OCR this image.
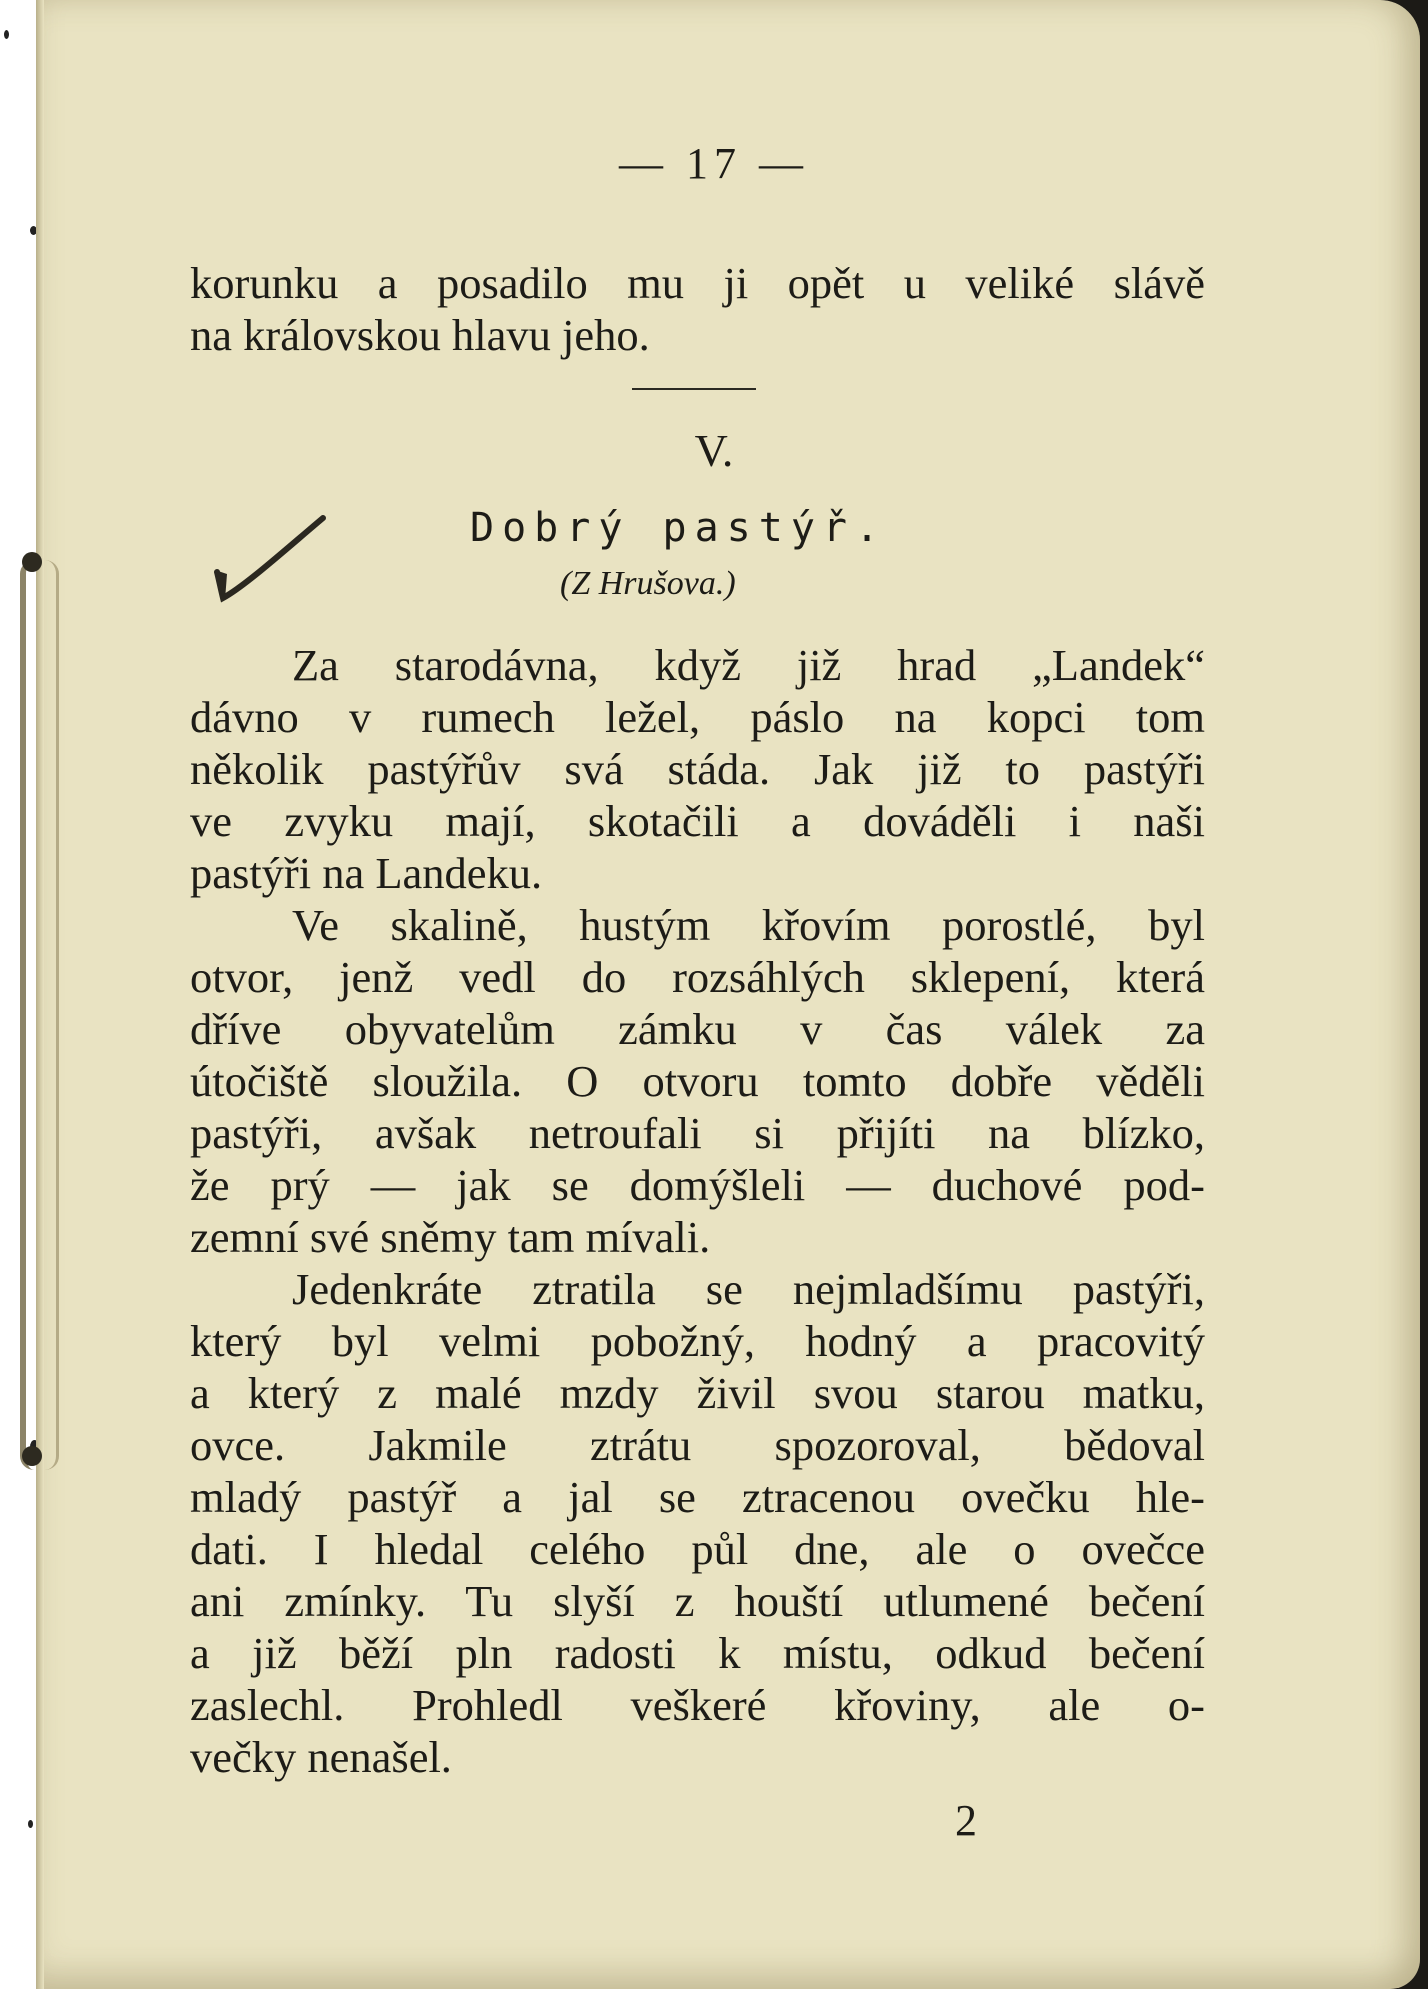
— 17 —
korunku a posadilo mu ji opět u veliké slávě
na královskou hlavu jeho.
V.
Dobrý pastýř.
(Z Hrušova.)
Za starodávna, když již hrad „Landek“
dávno v rumech ležel, páslo na kopci tom
několik pastýřův svá stáda. Jak již to pastýři
ve zvyku mají, skotačili a dováděli i naši
pastýři na Landeku.
Ve skalině, hustým křovím porostlé, byl
otvor, jenž vedl do rozsáhlých sklepení, která
dříve obyvatelům zámku v čas válek za
útočiště sloužila. O otvoru tomto dobře věděli
pastýři, avšak netroufali si přijíti na blízko,
že prý — jak se domýšleli — duchové pod-
zemní své sněmy tam mívali.
Jedenkráte ztratila se nejmladšímu pastýři,
který byl velmi pobožný, hodný a pracovitý
a který z malé mzdy živil svou starou matku,
ovce. Jakmile ztrátu spozoroval, bědoval
mladý pastýř a jal se ztracenou ovečku hle-
dati. I hledal celého půl dne, ale o ovečce
ani zmínky. Tu slyší z houští utlumené bečení
a již běží pln radosti k místu, odkud bečení
zaslechl. Prohledl veškeré křoviny, ale o-
večky nenašel.
2
